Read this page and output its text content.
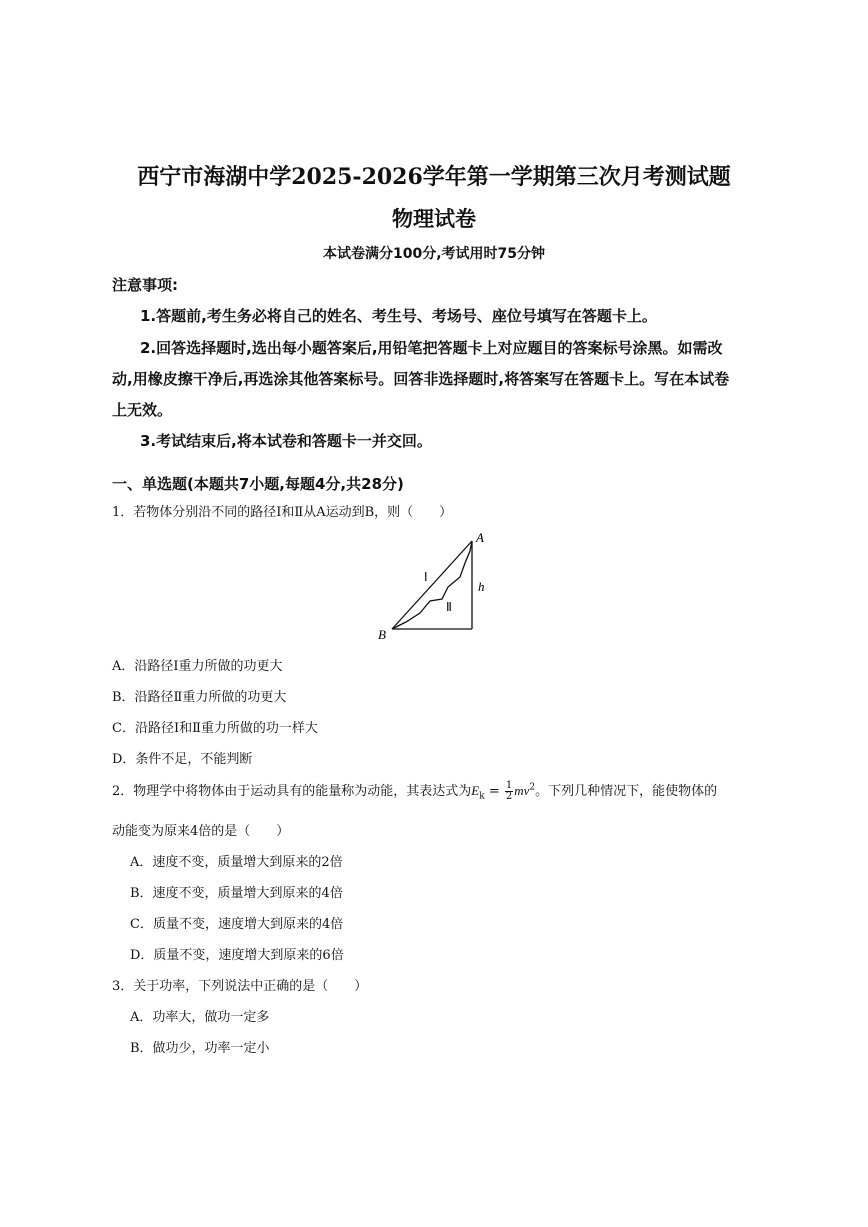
西宁市海湖中学2025-2026学年第一学期第三次月考测试题
物理试卷
本试卷满分100分,考试用时75分钟
注意事项:
1.答题前,考生务必将自己的姓名、考生号、考场号、座位号填写在答题卡上。
2.回答选择题时,选出每小题答案后,用铅笔把答题卡上对应题目的答案标号涂黑。如需改
动,用橡皮擦干净后,再选涂其他答案标号。回答非选择题时,将答案写在答题卡上。写在本试卷
上无效。
3.考试结束后,将本试卷和答题卡一并交回。
一、单选题(本题共7小题,每题4分,共28分)
1．若物体分别沿不同的路径Ⅰ和Ⅱ从A运动到B，则（　　）
A
B
h
Ⅰ
Ⅱ
A．沿路径Ⅰ重力所做的功更大
B．沿路径Ⅱ重力所做的功更大
C．沿路径Ⅰ和Ⅱ重力所做的功一样大
D．条件不足，不能判断
2．物理学中将物体由于运动具有的能量称为动能，其表达式为$E_k = \frac{1}{2} mv^2$。下列几种情况下，能使物体的
动能变为原来4倍的是（　　）
A．速度不变，质量增大到原来的2倍
B．速度不变，质量增大到原来的4倍
C．质量不变，速度增大到原来的4倍
D．质量不变，速度增大到原来的6倍
3．关于功率，下列说法中正确的是（　　）
A．功率大，做功一定多
B．做功少，功率一定小
